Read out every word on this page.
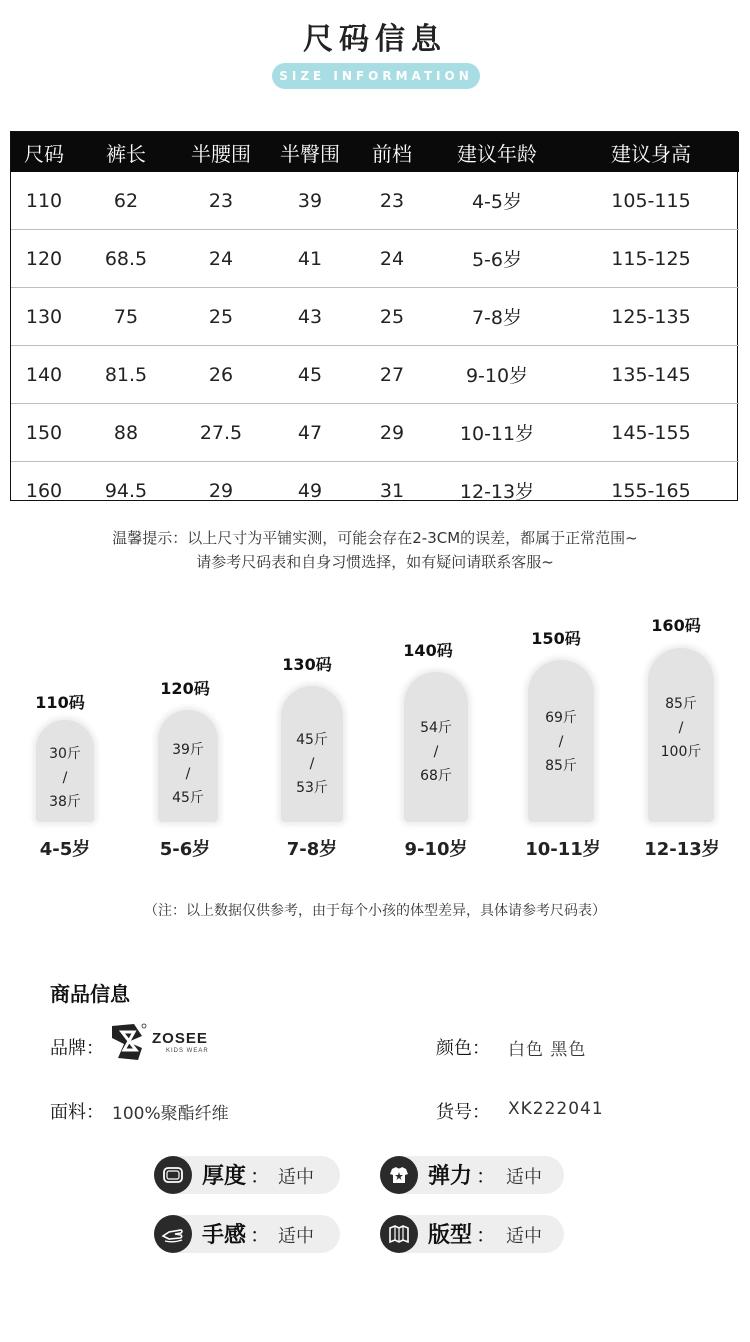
尺码信息
SIZE INFORMATION
尺码	裤长	半腰围	半臀围	前档	建议年龄	建议身高
110	62	23	39	23	4-5岁	105-115
120	68.5	24	41	24	5-6岁	115-125
130	75	25	43	25	7-8岁	125-135
140	81.5	26	45	27	9-10岁	135-145
150	88	27.5	47	29	10-11岁	145-155
160	94.5	29	49	31	12-13岁	155-165
温馨提示：以上尺寸为平铺实测，可能会存在2-3CM的误差，都属于正常范围~
请参考尺码表和自身习惯选择，如有疑问请联系客服~
110码
30斤
/
38斤
4-5岁
120码
39斤
/
45斤
5-6岁
130码
45斤
/
53斤
7-8岁
140码
54斤
/
68斤
9-10岁
150码
69斤
/
85斤
10-11岁
160码
85斤
/
100斤
12-13岁
（注：以上数据仅供参考，由于每个小孩的体型差异，具体请参考尺码表）
商品信息
品牌：	ZOSEE
KIDS WEAR	颜色： 白色 黑色
面料： 100%聚酯纤维	货号： XK222041
厚度 ： 适中	弹力 ： 适中
手感 ： 适中	版型 ： 适中
